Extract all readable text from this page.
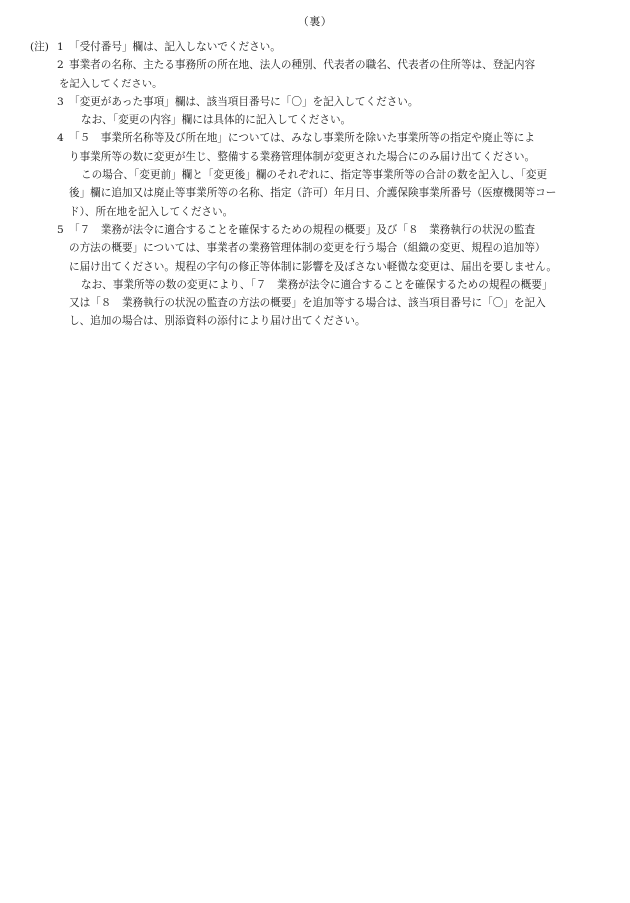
（裏）
(注) 1 「受付番号」欄は、記入しないでください。
2 事業者の名称、主たる事務所の所在地、法人の種別、代表者の職名、代表者の住所等は、登記内容
を記入してください。
3 「変更があった事項」欄は、該当項目番号に「〇」を記入してください。
なお、「変更の内容」欄には具体的に記入してください。
4 「５　事業所名称等及び所在地」については、みなし事業所を除いた事業所等の指定や廃止等によ
り事業所等の数に変更が生じ、整備する業務管理体制が変更された場合にのみ届け出てください。
この場合、「変更前」欄と「変更後」欄のそれぞれに、指定等事業所等の合計の数を記入し、「変更
後」欄に追加又は廃止等事業所等の名称、指定（許可）年月日、介護保険事業所番号（医療機関等コー
ド）、所在地を記入してください。
5 「７　業務が法令に適合することを確保するための規程の概要」及び「８　業務執行の状況の監査
の方法の概要」については、事業者の業務管理体制の変更を行う場合（組織の変更、規程の追加等）
に届け出てください。規程の字句の修正等体制に影響を及ぼさない軽微な変更は、届出を要しません。
なお、事業所等の数の変更により、「７　業務が法令に適合することを確保するための規程の概要」
又は「８　業務執行の状況の監査の方法の概要」を追加等する場合は、該当項目番号に「〇」を記入
し、追加の場合は、別添資料の添付により届け出てください。
